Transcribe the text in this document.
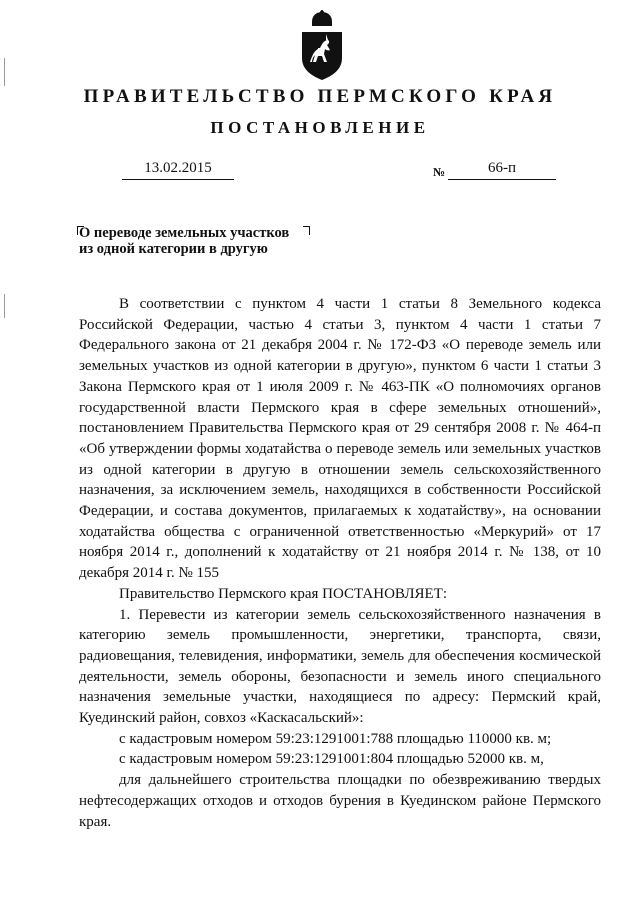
ПРАВИТЕЛЬСТВО ПЕРМСКОГО КРАЯ
ПОСТАНОВЛЕНИЕ
13.02.2015	№	66-п
О переводе земельных участков
из одной категории в другую

В соответствии с пунктом 4 части 1 статьи 8 Земельного кодекса Российской Федерации, частью 4 статьи 3, пунктом 4 части 1 статьи 7 Федерального закона от 21 декабря 2004 г. № 172-ФЗ «О переводе земель или земельных участков из одной категории в другую», пунктом 6 части 1 статьи 3 Закона Пермского края от 1 июля 2009 г. № 463-ПК «О полномочиях органов государственной власти Пермского края в сфере земельных отношений», постановлением Правительства Пермского края от 29 сентября 2008 г. № 464-п «Об утверждении формы ходатайства о переводе земель или земельных участков из одной категории в другую в отношении земель сельскохозяйственного назначения, за исключением земель, находящихся в собственности Российской Федерации, и состава документов, прилагаемых к ходатайству», на основании ходатайства общества с ограниченной ответственностью «Меркурий» от 17 ноября 2014 г., дополнений к ходатайству от 21 ноября 2014 г. № 138, от 10 декабря 2014 г. № 155

Правительство Пермского края ПОСТАНОВЛЯЕТ:

1. Перевести из категории земель сельскохозяйственного назначения в категорию земель промышленности, энергетики, транспорта, связи, радиовещания, телевидения, информатики, земель для обеспечения космической деятельности, земель обороны, безопасности и земель иного специального назначения земельные участки, находящиеся по адресу: Пермский край, Куединский район, совхоз «Каскасальский»:

с кадастровым номером 59:23:1291001:788 площадью 110000 кв. м;

с кадастровым номером 59:23:1291001:804 площадью 52000 кв. м,

для дальнейшего строительства площадки по обезвреживанию твердых нефтесодержащих отходов и отходов бурения в Куединском районе Пермского края.
